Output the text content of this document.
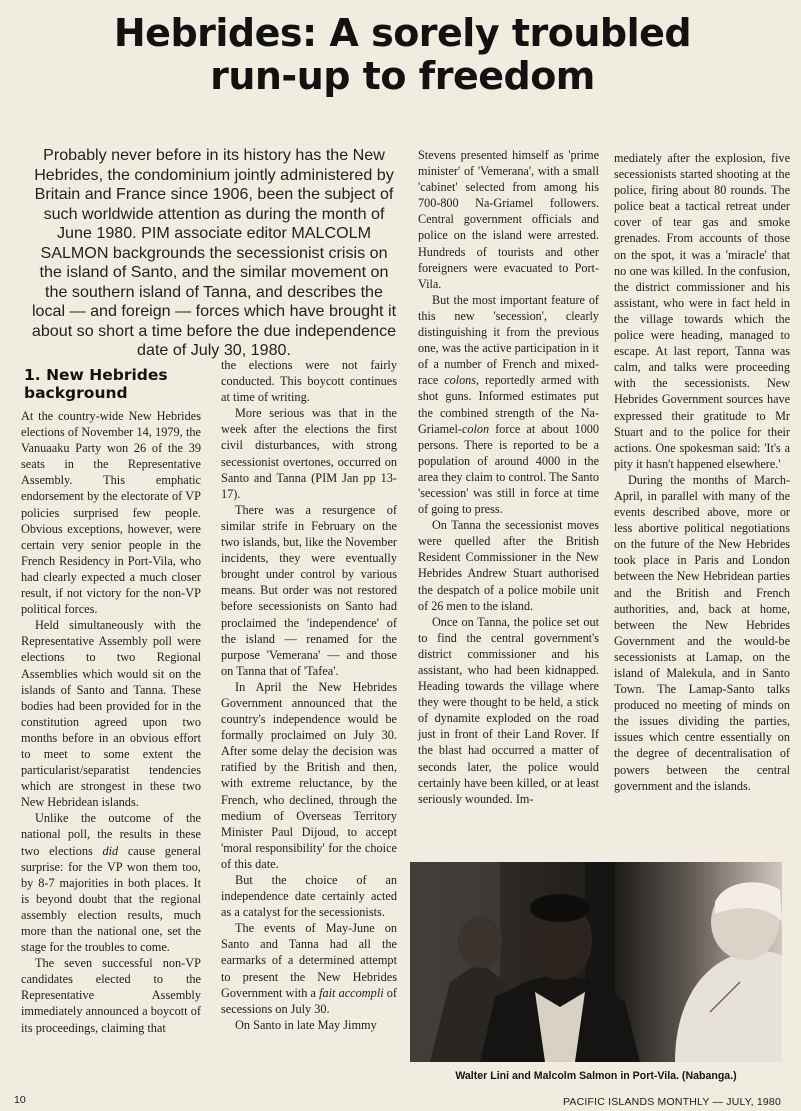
Hebrides: A sorely troubled
run-up to freedom
Probably never before in its history has the New Hebrides, the condominium jointly administered by Britain and France since 1906, been the subject of such worldwide attention as during the month of June 1980. PIM associate editor MALCOLM SALMON backgrounds the secessionist crisis on the island of Santo, and the similar movement on the southern island of Tanna, and describes the local — and foreign — forces which have brought it about so short a time before the due independence date of July 30, 1980.
1. New Hebrides background

At the country-wide New Hebrides elections of November 14, 1979, the Vanuaaku Party won 26 of the 39 seats in the Representative Assembly. This emphatic endorsement by the electorate of VP policies surprised few people. Obvious exceptions, however, were certain very senior people in the French Residency in Port-Vila, who had clearly expected a much closer result, if not victory for the non-VP political forces.

Held simultaneously with the Representative Assembly poll were elections to two Regional Assemblies which would sit on the islands of Santo and Tanna. These bodies had been provided for in the constitution agreed upon two months before in an obvious effort to meet to some extent the particularist/separatist tendencies which are strongest in these two New Hebridean islands.

Unlike the outcome of the national poll, the results in these two elections did cause general surprise: for the VP won them too, by 8-7 majorities in both places. It is beyond doubt that the regional assembly election results, much more than the national one, set the stage for the troubles to come.

The seven successful non-VP candidates elected to the Representative Assembly immediately announced a boycott of its proceedings, claiming that

the elections were not fairly conducted. This boycott continues at time of writing.

More serious was that in the week after the elections the first civil disturbances, with strong secessionist overtones, occurred on Santo and Tanna (PIM Jan pp 13-17).

There was a resurgence of similar strife in February on the two islands, but, like the November incidents, they were eventually brought under control by various means. But order was not restored before secessionists on Santo had proclaimed the 'independence' of the island — renamed for the purpose 'Vemerana' — and those on Tanna that of 'Tafea'.

In April the New Hebrides Government announced that the country's independence would be formally proclaimed on July 30. After some delay the decision was ratified by the British and then, with extreme reluctance, by the French, who declined, through the medium of Overseas Territory Minister Paul Dijoud, to accept 'moral responsibility' for the choice of this date.

But the choice of an independence date certainly acted as a catalyst for the secessionists.

The events of May-June on Santo and Tanna had all the earmarks of a determined attempt to present the New Hebrides Government with a fait accompli of secessions on July 30.

On Santo in late May Jimmy

Stevens presented himself as 'prime minister' of 'Vemerana', with a small 'cabinet' selected from among his 700-800 Na-Griamel followers. Central government officials and police on the island were arrested. Hundreds of tourists and other foreigners were evacuated to Port-Vila.

But the most important feature of this new 'secession', clearly distinguishing it from the previous one, was the active participation in it of a number of French and mixed-race colons, reportedly armed with shot guns. Informed estimates put the combined strength of the Na-Griamel-colon force at about 1000 persons. There is reported to be a population of around 4000 in the area they claim to control. The Santo 'secession' was still in force at time of going to press.

On Tanna the secessionist moves were quelled after the British Resident Commissioner in the New Hebrides Andrew Stuart authorised the despatch of a police mobile unit of 26 men to the island.

Once on Tanna, the police set out to find the central government's district commissioner and his assistant, who had been kidnapped. Heading towards the village where they were thought to be held, a stick of dynamite exploded on the road just in front of their Land Rover. If the blast had occurred a matter of seconds later, the police would certainly have been killed, or at least seriously wounded. Im-

mediately after the explosion, five secessionists started shooting at the police, firing about 80 rounds. The police beat a tactical retreat under cover of tear gas and smoke grenades. From accounts of those on the spot, it was a 'miracle' that no one was killed. In the confusion, the district commissioner and his assistant, who were in fact held in the village towards which the police were heading, managed to escape. At last report, Tanna was calm, and talks were proceeding with the secessionists. New Hebrides Government sources have expressed their gratitude to Mr Stuart and to the police for their actions. One spokesman said: 'It's a pity it hasn't happened elsewhere.'

During the months of March-April, in parallel with many of the events described above, more or less abortive political negotiations on the future of the New Hebrides took place in Paris and London between the New Hebridean parties and the British and French authorities, and, back at home, between the New Hebrides Government and the would-be secessionists at Lamap, on the island of Malekula, and in Santo Town. The Lamap-Santo talks produced no meeting of minds on the issues dividing the parties, issues which centre essentially on the degree of decentralisation of powers between the central government and the islands.

Walter Lini and Malcolm Salmon in Port-Vila. (Nabanga.)
10	PACIFIC ISLANDS MONTHLY — JULY, 1980
